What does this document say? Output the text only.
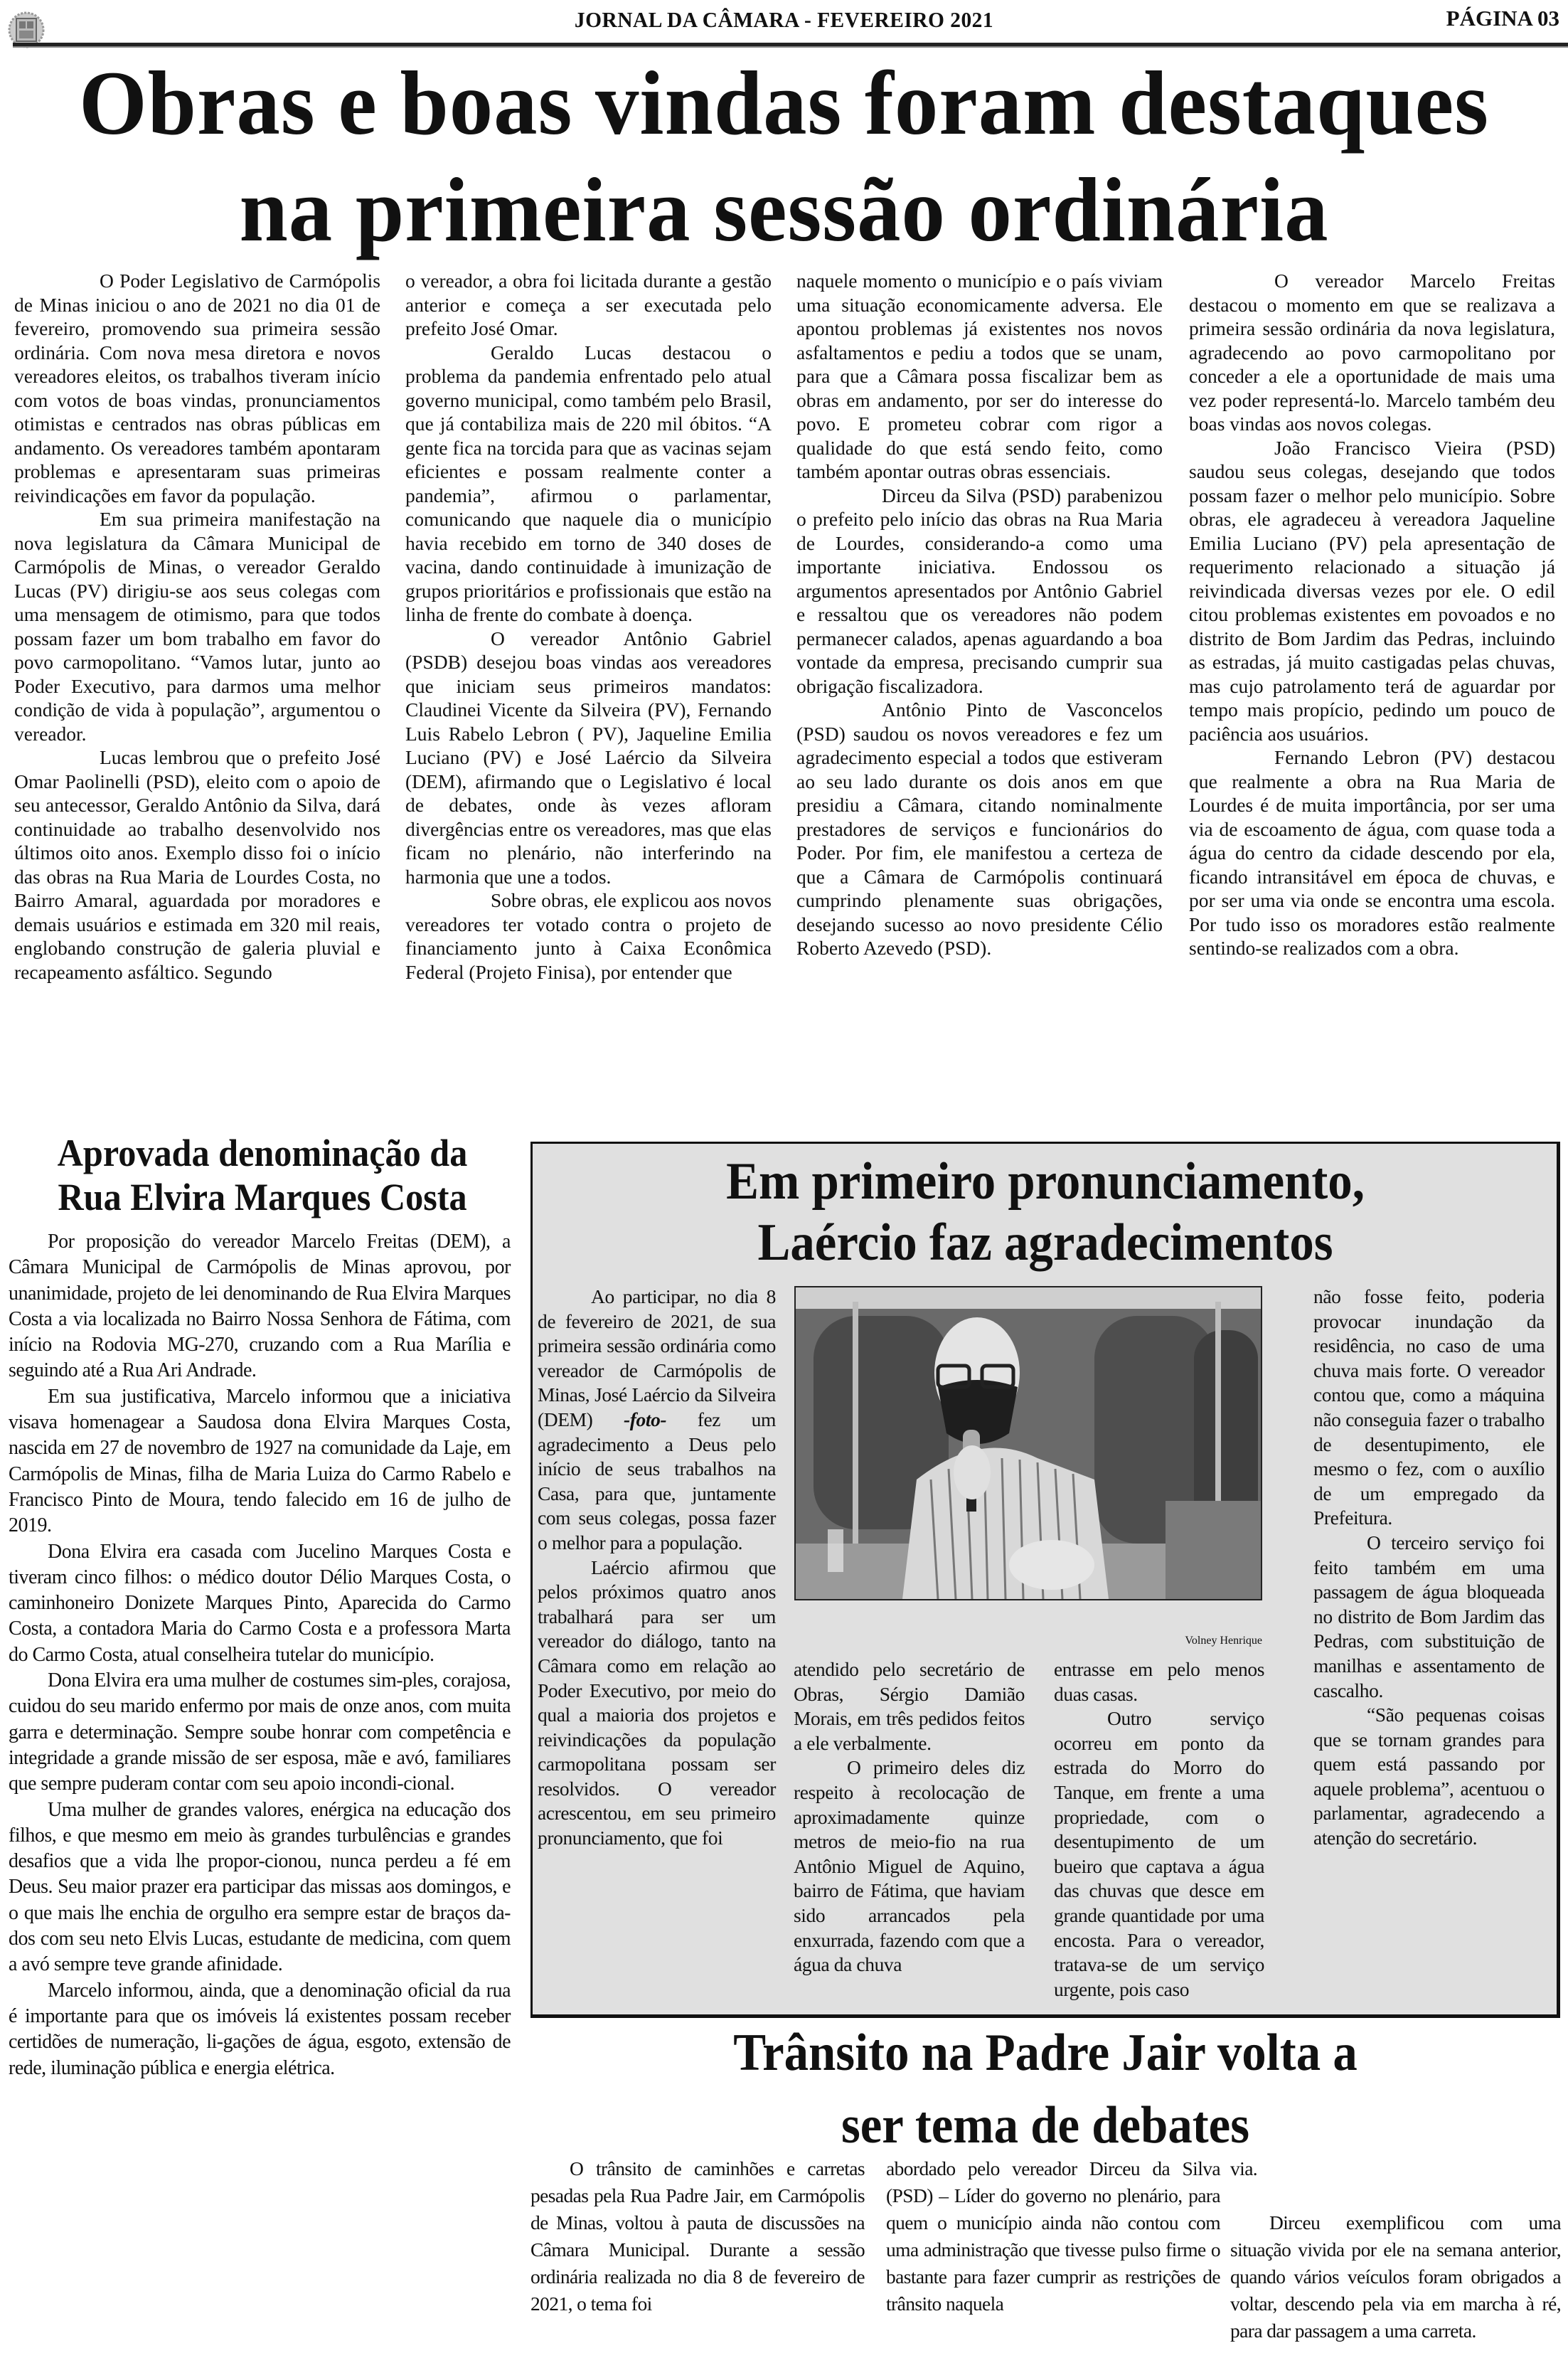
JORNAL DA CÂMARA - FEVEREIRO 2021	PÁGINA 03
Obras e boas vindas foram destaques
na primeira sessão ordinária

O Poder Legislativo de Carmópolis de Minas iniciou o ano de 2021 no dia 01 de fevereiro, promovendo sua primeira sessão ordinária. Com nova mesa diretora e novos vereadores eleitos, os trabalhos tiveram início com votos de boas vindas, pronunciamentos otimistas e centrados nas obras públicas em andamento. Os vereadores também apontaram problemas e apresentaram suas primeiras reivindicações em favor da população.

Em sua primeira manifestação na nova legislatura da Câmara Municipal de Carmópolis de Minas, o vereador Geraldo Lucas (PV) dirigiu-se aos seus colegas com uma mensagem de otimismo, para que todos possam fazer um bom trabalho em favor do povo carmopolitano. “Vamos lutar, junto ao Poder Executivo, para darmos uma melhor condição de vida à população”, argumentou o vereador.

Lucas lembrou que o prefeito José Omar Paolinelli (PSD), eleito com o apoio de seu antecessor, Geraldo Antônio da Silva, dará continuidade ao trabalho desenvolvido nos últimos oito anos. Exemplo disso foi o início das obras na Rua Maria de Lourdes Costa, no Bairro Amaral, aguardada por moradores e demais usuários e estimada em 320 mil reais, englobando construção de galeria pluvial e recapeamento asfáltico. Segundo

o vereador, a obra foi licitada durante a gestão anterior e começa a ser executada pelo prefeito José Omar.

Geraldo Lucas destacou o problema da pandemia enfrentado pelo atual governo municipal, como também pelo Brasil, que já contabiliza mais de 220 mil óbitos. “A gente fica na torcida para que as vacinas sejam eficientes e possam realmente conter a pandemia”, afirmou o parlamentar, comunicando que naquele dia o município havia recebido em torno de 340 doses de vacina, dando continuidade à imunização de grupos prioritários e profissionais que estão na linha de frente do combate à doença.

O vereador Antônio Gabriel (PSDB) desejou boas vindas aos vereadores que iniciam seus primeiros mandatos: Claudinei Vicente da Silveira (PV), Fernando Luis Rabelo Lebron ( PV), Jaqueline Emilia Luciano (PV) e José Laércio da Silveira (DEM), afirmando que o Legislativo é local de debates, onde às vezes afloram divergências entre os vereadores, mas que elas ficam no plenário, não interferindo na harmonia que une a todos.

Sobre obras, ele explicou aos novos vereadores ter votado contra o projeto de financiamento junto à Caixa Econômica Federal (Projeto Finisa), por entender que

naquele momento o município e o país viviam uma situação economicamente adversa. Ele apontou problemas já existentes nos novos asfaltamentos e pediu a todos que se unam, para que a Câmara possa fiscalizar bem as obras em andamento, por ser do interesse do povo. E prometeu cobrar com rigor a qualidade do que está sendo feito, como também apontar outras obras essenciais.

Dirceu da Silva (PSD) parabenizou o prefeito pelo início das obras na Rua Maria de Lourdes, considerando-a como uma importante iniciativa. Endossou os argumentos apresentados por Antônio Gabriel e ressaltou que os vereadores não podem permanecer calados, apenas aguardando a boa vontade da empresa, precisando cumprir sua obrigação fiscalizadora.

Antônio Pinto de Vasconcelos (PSD) saudou os novos vereadores e fez um agradecimento especial a todos que estiveram ao seu lado durante os dois anos em que presidiu a Câmara, citando nominalmente prestadores de serviços e funcionários do Poder. Por fim, ele manifestou a certeza de que a Câmara de Carmópolis continuará cumprindo plenamente suas obrigações, desejando sucesso ao novo presidente Célio Roberto Azevedo (PSD).

O vereador Marcelo Freitas destacou o momento em que se realizava a primeira sessão ordinária da nova legislatura, agradecendo ao povo carmopolitano por conceder a ele a oportunidade de mais uma vez poder representá-lo. Marcelo também deu boas vindas aos novos colegas.

João Francisco Vieira (PSD) saudou seus colegas, desejando que todos possam fazer o melhor pelo município. Sobre obras, ele agradeceu à vereadora Jaqueline Emilia Luciano (PV) pela apresentação de requerimento relacionado a situação já reivindicada diversas vezes por ele. O edil citou problemas existentes em povoados e no distrito de Bom Jardim das Pedras, incluindo as estradas, já muito castigadas pelas chuvas, mas cujo patrolamento terá de aguardar por tempo mais propício, pedindo um pouco de paciência aos usuários.

Fernando Lebron (PV) destacou que realmente a obra na Rua Maria de Lourdes é de muita importância, por ser uma via de escoamento de água, com quase toda a água do centro da cidade descendo por ela, ficando intransitável em época de chuvas, e por ser uma via onde se encontra uma escola. Por tudo isso os moradores estão realmente sentindo-se realizados com a obra.

Aprovada denominação da
Rua Elvira Marques Costa

Por proposição do vereador Marcelo Freitas (DEM), a Câmara Municipal de Carmópolis de Minas aprovou, por unanimidade, projeto de lei denominando de Rua Elvira Marques Costa a via localizada no Bairro Nossa Senhora de Fátima, com início na Rodovia MG-270, cruzando com a Rua Marília e seguindo até a Rua Ari Andrade.

Em sua justificativa, Marcelo informou que a iniciativa visava homenagear a Saudosa dona Elvira Marques Costa, nascida em 27 de novembro de 1927 na comunidade da Laje, em Carmópolis de Minas, filha de Maria Luiza do Carmo Rabelo e Francisco Pinto de Moura, tendo falecido em 16 de julho de 2019.

Dona Elvira era casada com Jucelino Marques Costa e tiveram cinco filhos: o médico doutor Délio Marques Costa, o caminhoneiro Donizete Marques Pinto, Aparecida do Carmo Costa, a contadora Maria do Carmo Costa e a professora Marta do Carmo Costa, atual conselheira tutelar do município.

Dona Elvira era uma mulher de costumes sim-ples, corajosa, cuidou do seu marido enfermo por mais de onze anos, com muita garra e determinação. Sempre soube honrar com competência e integridade a grande missão de ser esposa, mãe e avó, familiares que sempre puderam contar com seu apoio incondi-cional.

Uma mulher de grandes valores, enérgica na educação dos filhos, e que mesmo em meio às grandes turbulências e grandes desafios que a vida lhe propor-cionou, nunca perdeu a fé em Deus. Seu maior prazer era participar das missas aos domingos, e o que mais lhe enchia de orgulho era sempre estar de braços da-dos com seu neto Elvis Lucas, estudante de medicina, com quem a avó sempre teve grande afinidade.

Marcelo informou, ainda, que a denominação oficial da rua é importante para que os imóveis lá existentes possam receber certidões de numeração, li-gações de água, esgoto, extensão de rede, iluminação pública e energia elétrica.

Em primeiro pronunciamento,
Laércio faz agradecimentos
Volney Henrique

Ao participar, no dia 8 de fevereiro de 2021, de sua primeira sessão ordinária como vereador de Carmópolis de Minas, José Laércio da Silveira (DEM) -foto- fez um agradecimento a Deus pelo início de seus trabalhos na Casa, para que, juntamente com seus colegas, possa fazer o melhor para a população.

Laércio afirmou que pelos próximos quatro anos trabalhará para ser um vereador do diálogo, tanto na Câmara como em relação ao Poder Executivo, por meio do qual a maioria dos projetos e reivindicações da população carmopolitana possam ser resolvidos. O vereador acrescentou, em seu primeiro pronunciamento, que foi

atendido pelo secretário de Obras, Sérgio Damião Morais, em três pedidos feitos a ele verbalmente.

O primeiro deles diz respeito à recolocação de aproximadamente quinze metros de meio-fio na rua Antônio Miguel de Aquino, bairro de Fátima, que haviam sido arrancados pela enxurrada, fazendo com que a água da chuva

entrasse em pelo menos duas casas.

Outro serviço ocorreu em ponto da estrada do Morro do Tanque, em frente a uma propriedade, com o desentupimento de um bueiro que captava a água das chuvas que desce em grande quantidade por uma encosta. Para o vereador, tratava-se de um serviço urgente, pois caso

não fosse feito, poderia provocar inundação da residência, no caso de uma chuva mais forte. O vereador contou que, como a máquina não conseguia fazer o trabalho de desentupimento, ele mesmo o fez, com o auxílio de um empregado da Prefeitura.

O terceiro serviço foi feito também em uma passagem de água bloqueada no distrito de Bom Jardim das Pedras, com substituição de manilhas e assentamento de cascalho.

“São pequenas coisas que se tornam grandes para quem está passando por aquele problema”, acentuou o parlamentar, agradecendo a atenção do secretário.

Trânsito na Padre Jair volta a
ser tema de debates

O trânsito de caminhões e carretas pesadas pela Rua Padre Jair, em Carmópolis de Minas, voltou à pauta de discussões na Câmara Municipal. Durante a sessão ordinária realizada no dia 8 de fevereiro de 2021, o tema foi

abordado pelo vereador Dirceu da Silva (PSD) – Líder do governo no plenário, para quem o município ainda não contou com uma administração que tivesse pulso firme o bastante para fazer cumprir as restrições de trânsito naquela

via.

Dirceu exemplificou com uma situação vivida por ele na semana anterior, quando vários veículos foram obrigados a voltar, descendo pela via em marcha à ré, para dar passagem a uma carreta.
